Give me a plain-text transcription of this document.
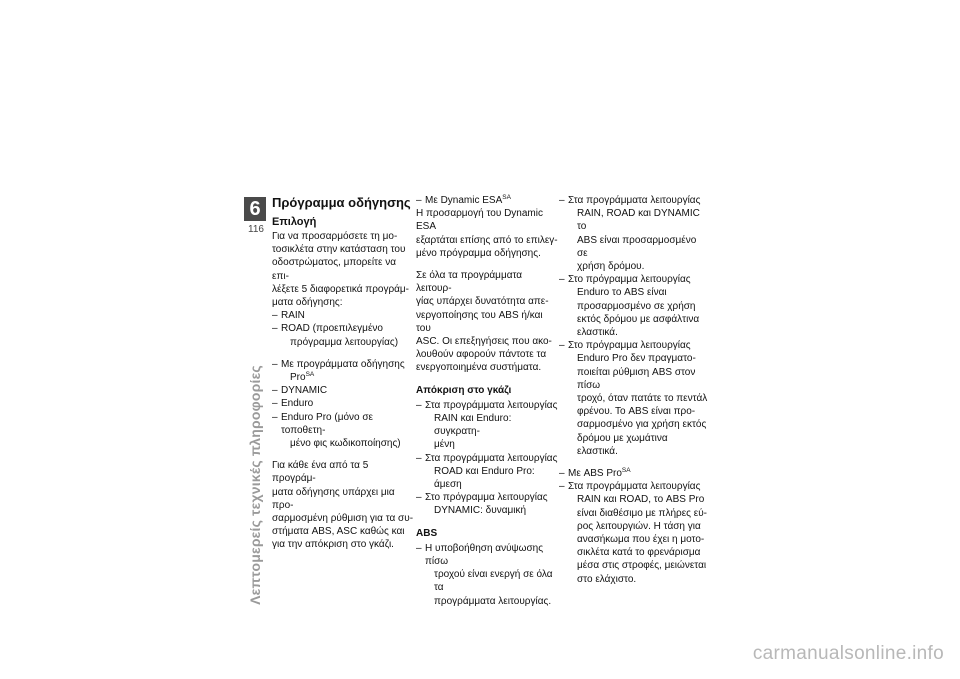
6
116
Λεπτομερείς τεχνικές πληροφορίες
Πρόγραμμα οδήγησης
Επιλογή
Για να προσαρμόσετε τη μο-
τοσικλέτα στην κατάσταση του
οδοστρώματος, μπορείτε να επι-
λέξετε 5 διαφορετικά προγράμ-
ματα οδήγησης:
– RAIN
– ROAD (προεπιλεγμένο
πρόγραμμα λειτουργίας)
– Με προγράμματα οδήγησης
Pro$^{SA}$
– DYNAMIC
– Enduro
– Enduro Pro (μόνο σε τοποθετη-
μένο φις κωδικοποίησης)
Για κάθε ένα από τα 5 προγράμ-
ματα οδήγησης υπάρχει μια προ-
σαρμοσμένη ρύθμιση για τα συ-
στήματα ABS, ASC καθώς και
για την απόκριση στο γκάζι.
– Με Dynamic $ESA^{SA}$
Η προσαρμογή του Dynamic ESA
εξαρτάται επίσης από το επιλεγ-
μένο πρόγραμμα οδήγησης.
Σε όλα τα προγράμματα λειτουρ-
γίας υπάρχει δυνατότητα απε-
νεργοποίησης του ABS ή/και του
ASC. Οι επεξηγήσεις που ακο-
λουθούν αφορούν πάντοτε τα
ενεργοποιημένα συστήματα.
Απόκριση στο γκάζι
– Στα προγράμματα λειτουργίας
RAIN και Enduro: συγκρατη-
μένη
– Στα προγράμματα λειτουργίας
ROAD και Enduro Pro: άμεση
– Στο πρόγραμμα λειτουργίας
DYNAMIC: δυναμική
ABS
– Η υποβοήθηση ανύψωσης πίσω
τροχού είναι ενεργή σε όλα τα
προγράμματα λειτουργίας.
– Στα προγράμματα λειτουργίας
RAIN, ROAD και DYNAMIC το
ABS είναι προσαρμοσμένο σε
χρήση δρόμου.
– Στο πρόγραμμα λειτουργίας
Enduro το ABS είναι
προσαρμοσμένο σε χρήση
εκτός δρόμου με ασφάλτινα
ελαστικά.
– Στο πρόγραμμα λειτουργίας
Enduro Pro δεν πραγματο-
ποιείται ρύθμιση ABS στον πίσω
τροχό, όταν πατάτε το πεντάλ
φρένου. Το ABS είναι προ-
σαρμοσμένο για χρήση εκτός
δρόμου με χωμάτινα ελαστικά.
– Με ABS Pro$^{SA}$
– Στα προγράμματα λειτουργίας
RAIN και ROAD, το ABS Pro
είναι διαθέσιμο με πλήρες εύ-
ρος λειτουργιών. Η τάση για
ανασήκωμα που έχει η μοτο-
σικλέτα κατά το φρενάρισμα
μέσα στις στροφές, μειώνεται
στο ελάχιστο.
carmanualsonline.info
